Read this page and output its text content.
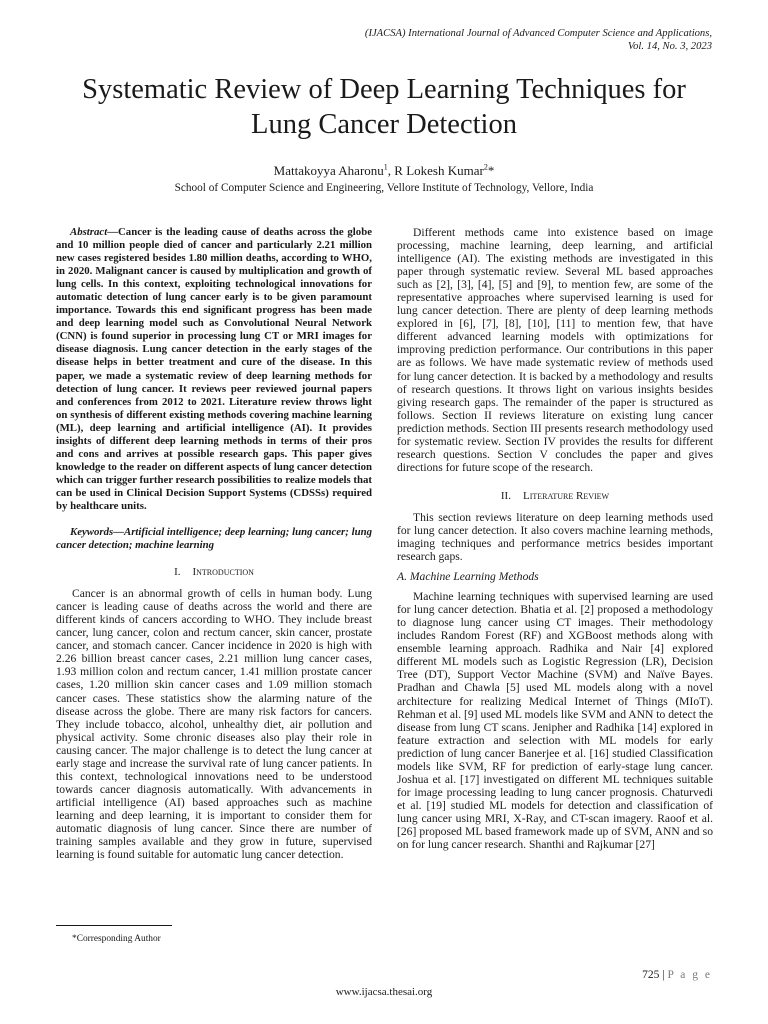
(IJACSA) International Journal of Advanced Computer Science and Applications,
Vol. 14, No. 3, 2023
Systematic Review of Deep Learning Techniques for
Lung Cancer Detection
Mattakoyya Aharonu$^1$, R Lokesh Kumar$^2$*
School of Computer Science and Engineering, Vellore Institute of Technology, Vellore, India

Abstract—Cancer is the leading cause of deaths across the globe and 10 million people died of cancer and particularly 2.21 million new cases registered besides 1.80 million deaths, according to WHO, in 2020. Malignant cancer is caused by multiplication and growth of lung cells. In this context, exploiting technological innovations for automatic detection of lung cancer early is to be given paramount importance. Towards this end significant progress has been made and deep learning model such as Convolutional Neural Network (CNN) is found superior in processing lung CT or MRI images for disease diagnosis. Lung cancer detection in the early stages of the disease helps in better treatment and cure of the disease. In this paper, we made a systematic review of deep learning methods for detection of lung cancer. It reviews peer reviewed journal papers and conferences from 2012 to 2021. Literature review throws light on synthesis of different existing methods covering machine learning (ML), deep learning and artificial intelligence (AI). It provides insights of different deep learning methods in terms of their pros and cons and arrives at possible research gaps. This paper gives knowledge to the reader on different aspects of lung cancer detection which can trigger further research possibilities to realize models that can be used in Clinical Decision Support Systems (CDSSs) required by healthcare units.

Keywords—Artificial intelligence; deep learning; lung cancer; lung cancer detection; machine learning

I. Introduction

Cancer is an abnormal growth of cells in human body. Lung cancer is leading cause of deaths across the world and there are different kinds of cancers according to WHO. They include breast cancer, lung cancer, colon and rectum cancer, skin cancer, prostate cancer, and stomach cancer. Cancer incidence in 2020 is high with 2.26 billion breast cancer cases, 2.21 million lung cancer cases, 1.93 million colon and rectum cancer, 1.41 million prostate cancer cases, 1.20 million skin cancer cases and 1.09 million stomach cancer cases. These statistics show the alarming nature of the disease across the globe. There are many risk factors for cancers. They include tobacco, alcohol, unhealthy diet, air pollution and physical activity. Some chronic diseases also play their role in causing cancer. The major challenge is to detect the lung cancer at early stage and increase the survival rate of lung cancer patients. In this context, technological innovations need to be understood towards cancer diagnosis automatically. With advancements in artificial intelligence (AI) based approaches such as machine learning and deep learning, it is important to consider them for automatic diagnosis of lung cancer. Since there are number of training samples available and they grow in future, supervised learning is found suitable for automatic lung cancer detection.

Different methods came into existence based on image processing, machine learning, deep learning, and artificial intelligence (AI). The existing methods are investigated in this paper through systematic review. Several ML based approaches such as [2], [3], [4], [5] and [9], to mention few, are some of the representative approaches where supervised learning is used for lung cancer detection. There are plenty of deep learning methods explored in [6], [7], [8], [10], [11] to mention few, that have different advanced learning models with optimizations for improving prediction performance. Our contributions in this paper are as follows. We have made systematic review of methods used for lung cancer detection. It is backed by a methodology and results of research questions. It throws light on various insights besides giving research gaps. The remainder of the paper is structured as follows. Section II reviews literature on existing lung cancer prediction methods. Section III presents research methodology used for systematic review. Section IV provides the results for different research questions. Section V concludes the paper and gives directions for future scope of the research.

II. Literature Review

This section reviews literature on deep learning methods used for lung cancer detection. It also covers machine learning methods, imaging techniques and performance metrics besides important research gaps.

A. Machine Learning Methods

Machine learning techniques with supervised learning are used for lung cancer detection. Bhatia et al. [2] proposed a methodology to diagnose lung cancer using CT images. Their methodology includes Random Forest (RF) and XGBoost methods along with ensemble learning approach. Radhika and Nair [4] explored different ML models such as Logistic Regression (LR), Decision Tree (DT), Support Vector Machine (SVM) and Naïve Bayes. Pradhan and Chawla [5] used ML models along with a novel architecture for realizing Medical Internet of Things (MIoT). Rehman et al. [9] used ML models like SVM and ANN to detect the disease from lung CT scans. Jenipher and Radhika [14] explored in feature extraction and selection with ML models for early prediction of lung cancer Banerjee et al. [16] studied Classification models like SVM, RF for prediction of early-stage lung cancer. Joshua et al. [17] investigated on different ML techniques suitable for image processing leading to lung cancer prognosis. Chaturvedi et al. [19] studied ML models for detection and classification of lung cancer using MRI, X-Ray, and CT-scan imagery. Raoof et al. [26] proposed ML based framework made up of SVM, ANN and so on for lung cancer research. Shanthi and Rajkumar [27]

*Corresponding Author
725 | P a g e
www.ijacsa.thesai.org
